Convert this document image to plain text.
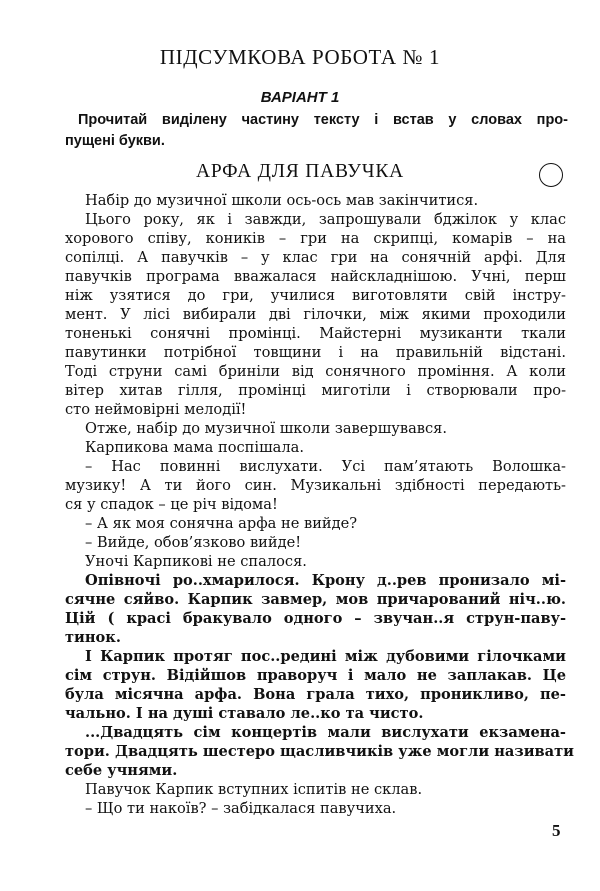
ПІДСУМКОВА РОБОТА № 1
ВАРІАНТ 1
Прочитай виділену частину тексту і встав у словах про-
пущені букви.
АРФА ДЛЯ ПАВУЧКА
Набір до музичної школи ось-ось мав закінчитися.
Цього року, як і завжди, запрошували бджілок у клас
хорового співу, коників – гри на скрипці, комарів – на
сопілці. А павучків – у клас гри на сонячній арфі. Для
павучків програма вважалася найскладнішою. Учні, перш
ніж узятися до гри, училися виготовляти свій інстру-
мент. У лісі вибирали дві гілочки, між якими проходили
тоненькі сонячні промінці. Майстерні музиканти ткали
павутинки потрібної товщини і на правильній відстані.
Тоді струни самі бриніли від сонячного проміння. А коли
вітер хитав гілля, промінці миготіли і створювали про-
сто неймовірні мелодії!
Отже, набір до музичної школи завершувався.
Карпикова мама поспішала.
– Нас повинні вислухати. Усі пам’ятають Волошка-
музику! А ти його син. Музикальні здібності передають-
ся у спадок – це річ відома!
– А як моя сонячна арфа не вийде?
– Вийде, обов’язково вийде!
Уночі Карпикові не спалося.
Опівночі ро..хмарилося. Крону д..рев пронизало мі-
сячне сяйво. Карпик завмер, мов причарований ніч..ю.
Цій ( красі бракувало одного – звучан..я струн-паву-
тинок.
І Карпик протяг пос..редині між дубовими гілочками
сім струн. Відійшов праворуч і мало не заплакав. Це
була місячна арфа. Вона грала тихо, проникливо, пе-
чально. І на душі ставало ле..ко та чисто.
...Двадцять сім концертів мали вислухати екзамена-
тори. Двадцять шестеро щасливчиків уже могли називати
себе учнями.
Павучок Карпик вступних іспитів не склав.
– Що ти накоїв? – забідкалася павучиха.
5
